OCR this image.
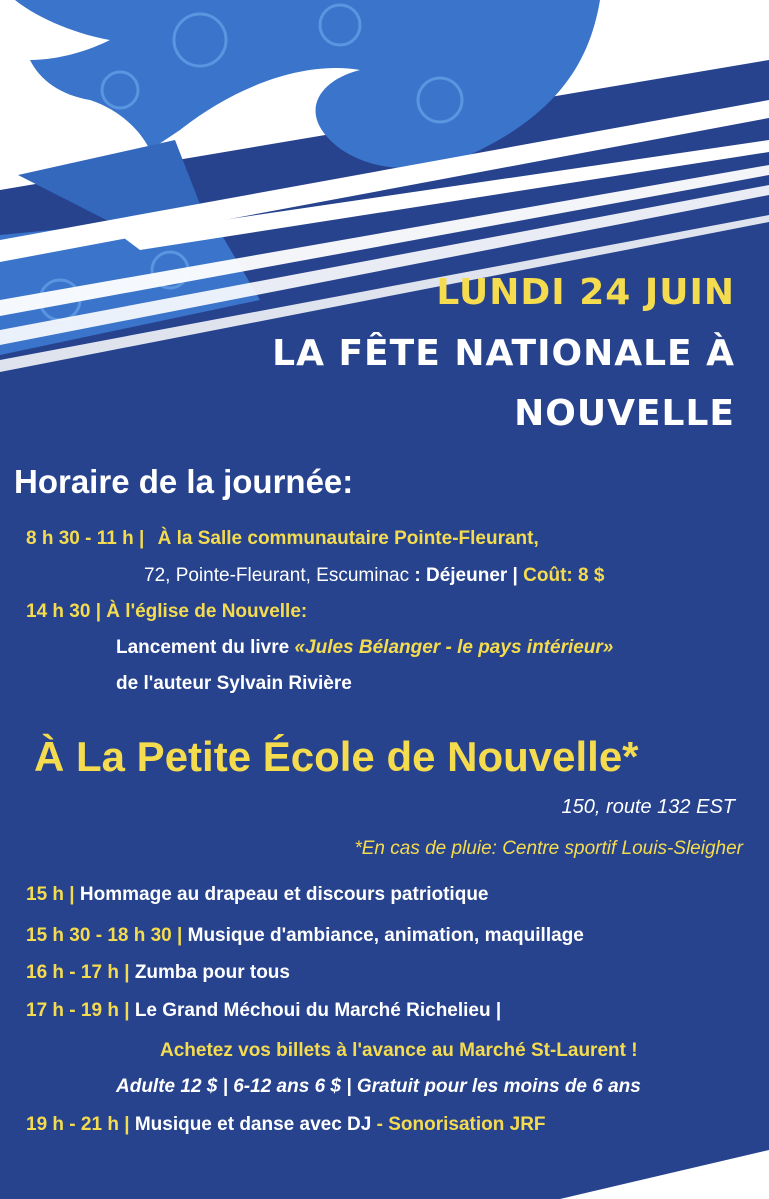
LUNDI 24 JUIN
LA FÊTE NATIONALE À
NOUVELLE
Horaire de la journée:
8 h 30 - 11 h | À la Salle communautaire Pointe-Fleurant,
72, Pointe-Fleurant, Escuminac : Déjeuner | Coût: 8 $
14 h 30 | À l'église de Nouvelle:
Lancement du livre «Jules Bélanger - le pays intérieur»
de l'auteur Sylvain Rivière
À La Petite École de Nouvelle*
150, route 132 EST
*En cas de pluie: Centre sportif Louis-Sleigher
15 h | Hommage au drapeau et discours patriotique
15 h 30 - 18 h 30 | Musique d'ambiance, animation, maquillage
16 h - 17 h | Zumba pour tous
17 h - 19 h | Le Grand Méchoui du Marché Richelieu |
Achetez vos billets à l'avance au Marché St-Laurent !
Adulte 12 $ | 6-12 ans 6 $ | Gratuit pour les moins de 6 ans
19 h - 21 h | Musique et danse avec DJ - Sonorisation JRF
